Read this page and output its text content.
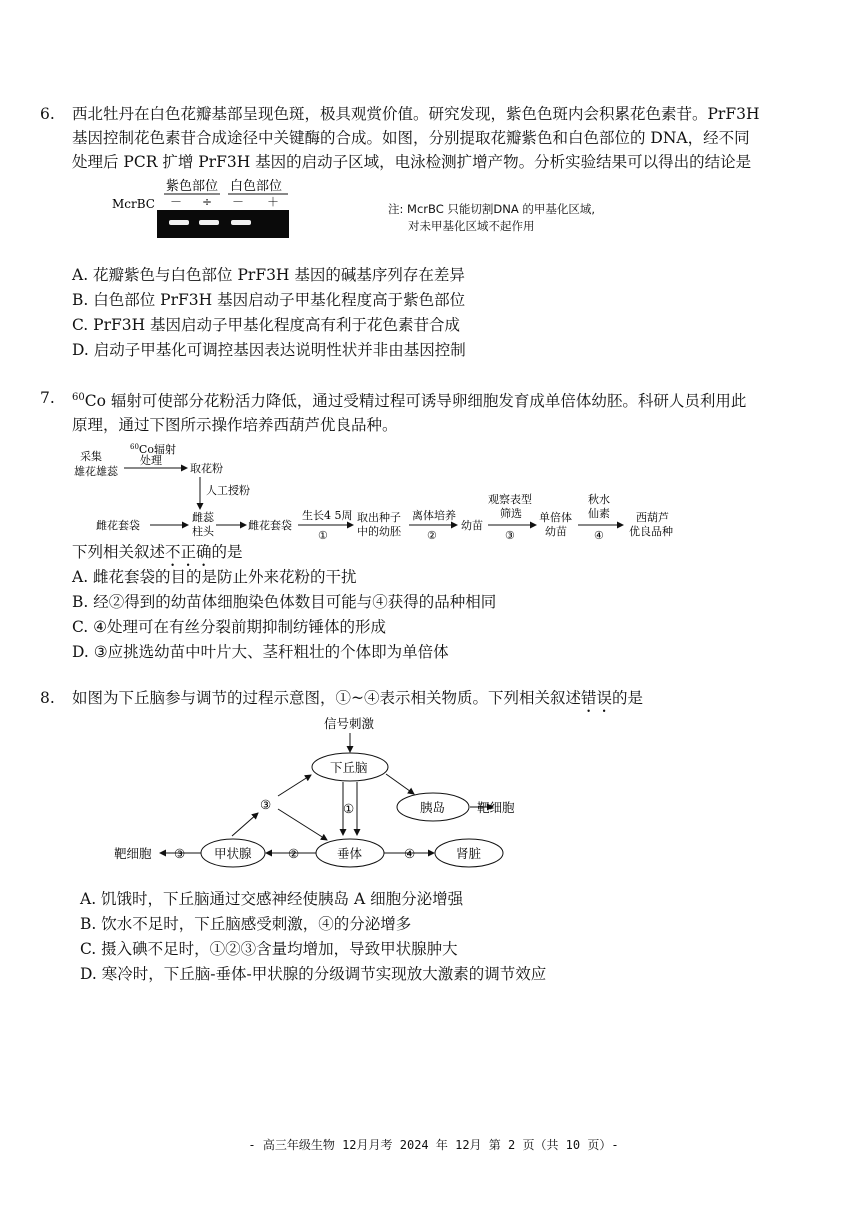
6. 西北牡丹在白色花瓣基部呈现色斑，极具观赏价值。研究发现，紫色色斑内会积累花色素苷。PrF3H
基因控制花色素苷合成途径中关键酶的合成。如图，分别提取花瓣紫色和白色部位的 DNA，经不同
处理后 PCR 扩增 PrF3H 基因的启动子区域，电泳检测扩增产物。分析实验结果可以得出的结论是
紫色部位 白色部位
McrBC － ÷ － ＋	注: McrBC 只能切割DNA 的甲基化区域,
对未甲基化区域不起作用
A. 花瓣紫色与白色部位 PrF3H 基因的碱基序列存在差异
B. 白色部位 PrF3H 基因启动子甲基化程度高于紫色部位
C. PrF3H 基因启动子甲基化程度高有利于花色素苷合成
D. 启动子甲基化可调控基因表达说明性状并非由基因控制
7. $^{60}$Co 辐射可使部分花粉活力降低，通过受精过程可诱导卵细胞发育成单倍体幼胚。科研人员利用此
原理，通过下图所示操作培养西葫芦优良品种。
采集
雄花雄蕊
$^{60}$Co辐射
处理
取花粉
人工授粉
雌花套袋
雌蕊
柱头	雌花套袋
生长4 5周
①
取出种子
中的幼胚
离体培养
②
幼苗
观察表型
筛选
③
单倍体
幼苗
秋水
仙素
④
西葫芦
优良品种
下列相关叙述不正确的是
A. 雌花套袋的目的是防止外来花粉的干扰
B. 经②得到的幼苗体细胞染色体数目可能与④获得的品种相同
C. ④处理可在有丝分裂前期抑制纺锤体的形成
D. ③应挑选幼苗中叶片大、茎秆粗壮的个体即为单倍体
8. 如图为下丘脑参与调节的过程示意图，①~④表示相关物质。下列相关叙述错误的是
信号刺激
下丘脑
胰岛	靶细胞
①
③
垂体
②
甲状腺
③
靶细胞	④	肾脏
A. 饥饿时，下丘脑通过交感神经使胰岛 A 细胞分泌增强
B. 饮水不足时，下丘脑感受刺激，④的分泌增多
C. 摄入碘不足时，①②③含量均增加，导致甲状腺肿大
D. 寒冷时，下丘脑-垂体-甲状腺的分级调节实现放大激素的调节效应
- 高三年级生物 12月月考 2024 年 12月 第 2 页（共 10 页）-
